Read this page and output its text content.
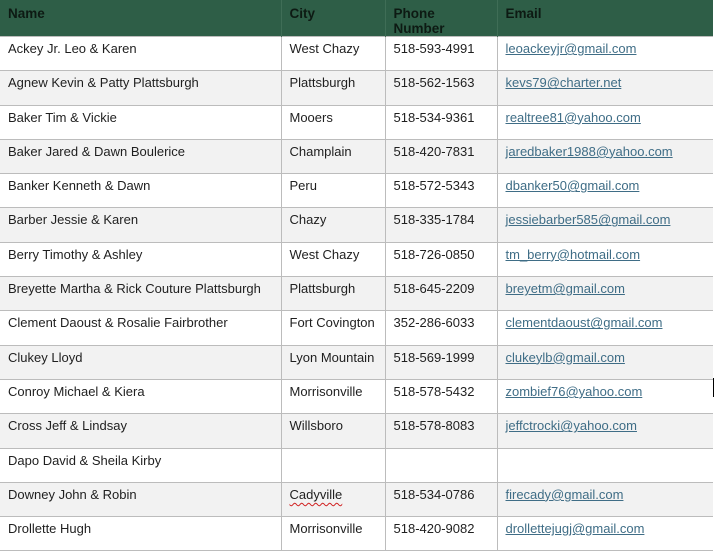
Name	City	Phone Number	Email
Ackey Jr. Leo & Karen	West Chazy	518-593-4991	leoackeyjr@gmail.com
Agnew Kevin & Patty Plattsburgh	Plattsburgh	518-562-1563	kevs79@charter.net
Baker Tim & Vickie	Mooers	518-534-9361	realtree81@yahoo.com
Baker Jared & Dawn Boulerice	Champlain	518-420-7831	jaredbaker1988@yahoo.com
Banker Kenneth & Dawn	Peru	518-572-5343	dbanker50@gmail.com
Barber Jessie & Karen	Chazy	518-335-1784	jessiebarber585@gmail.com
Berry Timothy & Ashley	West Chazy	518-726-0850	tm_berry@hotmail.com
Breyette Martha & Rick Couture Plattsburgh	Plattsburgh	518-645-2209	breyetm@gmail.com
Clement Daoust & Rosalie Fairbrother	Fort Covington	352-286-6033	clementdaoust@gmail.com
Clukey Lloyd	Lyon Mountain	518-569-1999	clukeylb@gmail.com
Conroy Michael & Kiera	Morrisonville	518-578-5432	zombief76@yahoo.com
Cross Jeff & Lindsay	Willsboro	518-578-8083	jeffctrocki@yahoo.com
Dapo David & Sheila Kirby			
Downey John & Robin	Cadyville	518-534-0786	firecady@gmail.com
Drollette Hugh	Morrisonville	518-420-9082	drollettejugj@gmail.com
